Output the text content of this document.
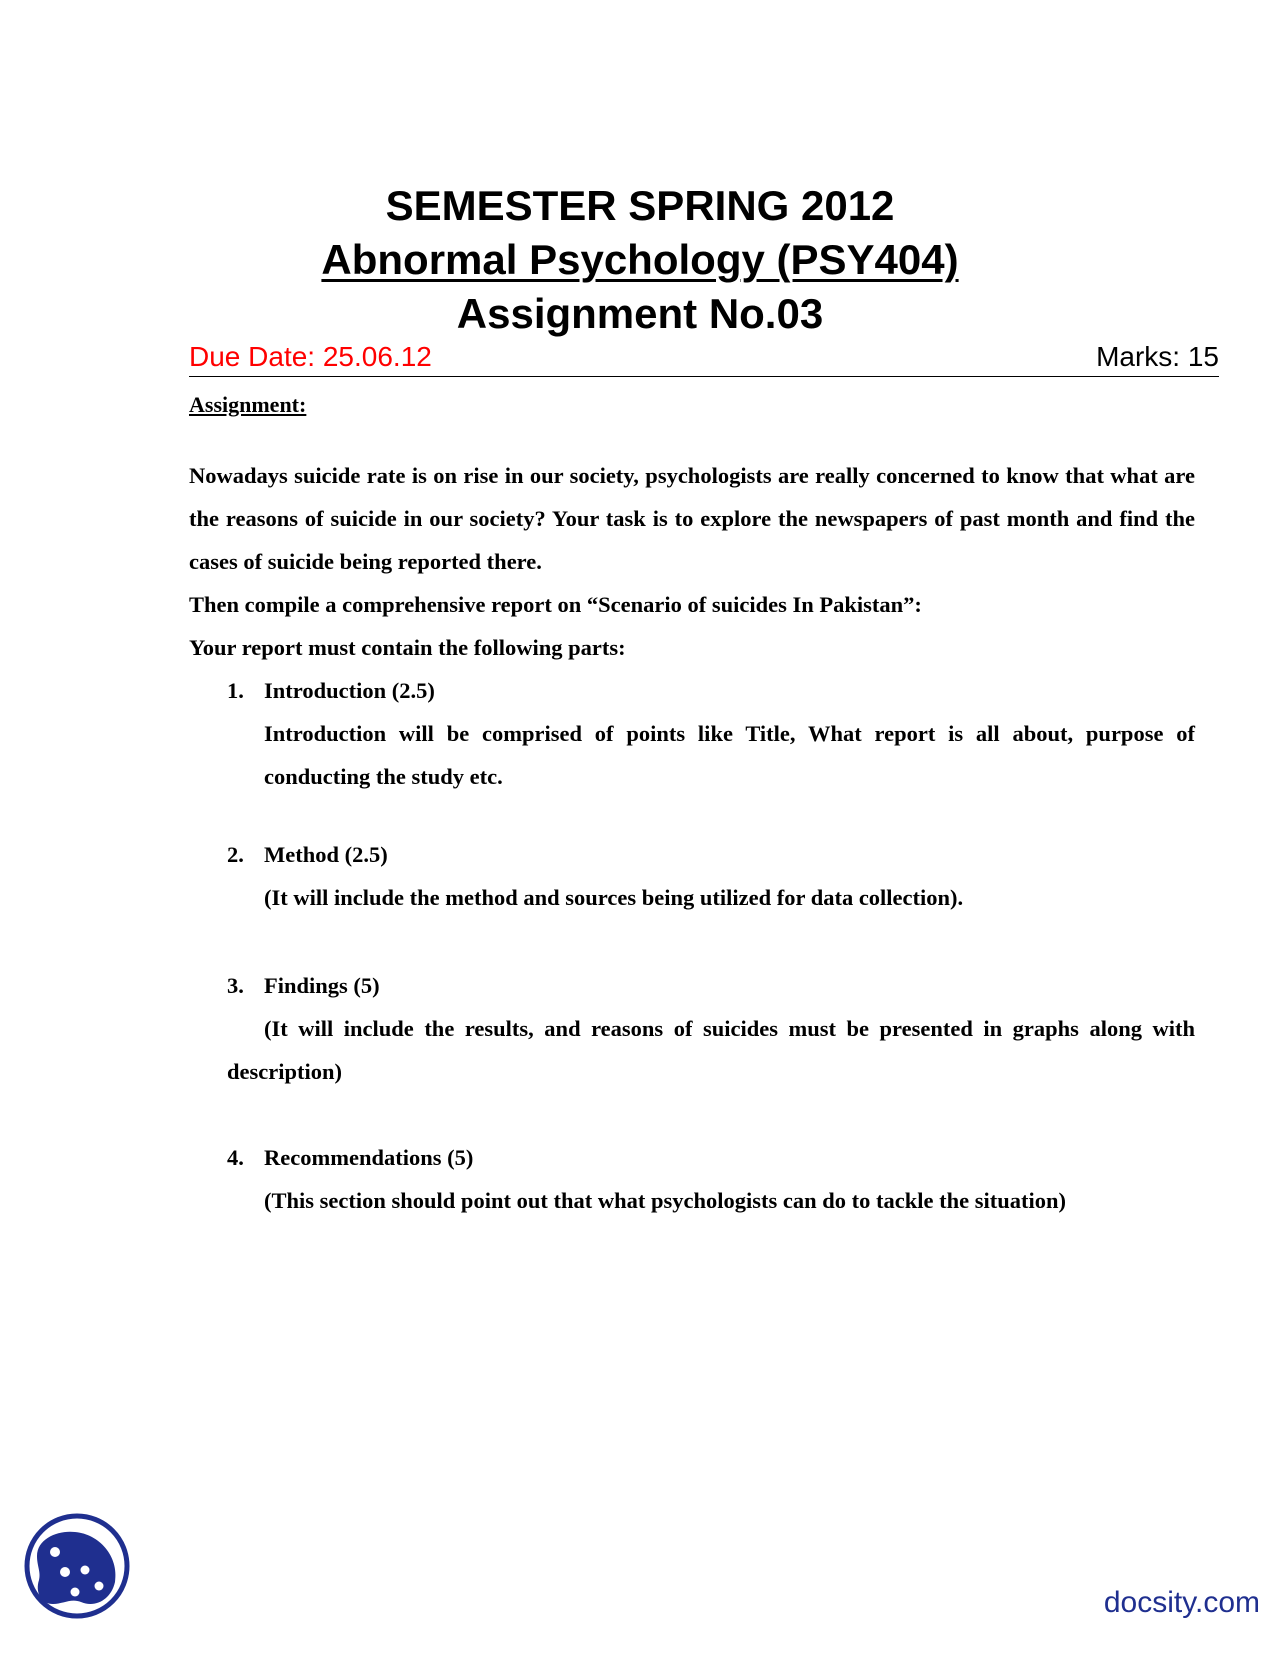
SEMESTER SPRING 2012
Abnormal Psychology (PSY404)
Assignment No.03
Due Date: 25.06.12	Marks: 15
Assignment:

Nowadays suicide rate is on rise in our society, psychologists are really concerned to know that what are the reasons of suicide in our society? Your task is to explore the newspapers of past month and find the cases of suicide being reported there.

Then compile a comprehensive report on “Scenario of suicides In Pakistan”:
Your report must contain the following parts:
1. Introduction (2.5)

Introduction will be comprised of points like Title, What report is all about, purpose of conducting the study etc.

2. Method (2.5)

(It will include the method and sources being utilized for data collection).

3. Findings (5)

(It will include the results, and reasons of suicides must be presented in graphs along with description)

4. Recommendations (5)

(This section should point out that what psychologists can do to tackle the situation)

docsity.com
